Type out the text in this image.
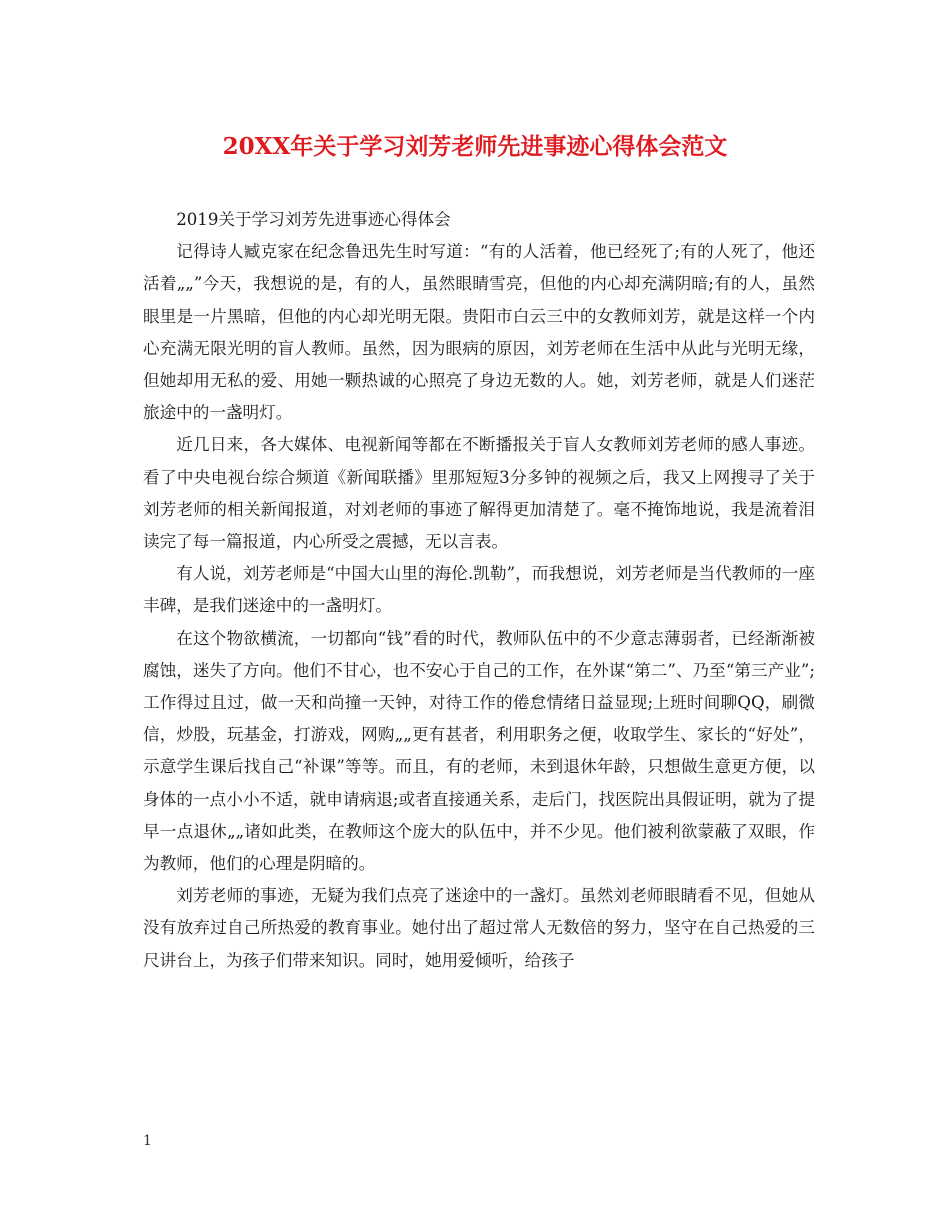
20XX年关于学习刘芳老师先进事迹心得体会范文

2019关于学习刘芳先进事迹心得体会

记得诗人臧克家在纪念鲁迅先生时写道：“有的人活着，他已经死了;有的人死了，他还活着„„”今天，我想说的是，有的人，虽然眼睛雪亮，但他的内心却充满阴暗;有的人，虽然眼里是一片黑暗，但他的内心却光明无限。贵阳市白云三中的女教师刘芳，就是这样一个内心充满无限光明的盲人教师。虽然，因为眼病的原因，刘芳老师在生活中从此与光明无缘，但她却用无私的爱、用她一颗热诚的心照亮了身边无数的人。她，刘芳老师，就是人们迷茫旅途中的一盏明灯。

近几日来，各大媒体、电视新闻等都在不断播报关于盲人女教师刘芳老师的感人事迹。看了中央电视台综合频道《新闻联播》里那短短3分多钟的视频之后，我又上网搜寻了关于刘芳老师的相关新闻报道，对刘老师的事迹了解得更加清楚了。毫不掩饰地说，我是流着泪读完了每一篇报道，内心所受之震撼，无以言表。

有人说，刘芳老师是“中国大山里的海伦.凯勒”，而我想说，刘芳老师是当代教师的一座丰碑，是我们迷途中的一盏明灯。

在这个物欲横流，一切都向“钱”看的时代，教师队伍中的不少意志薄弱者，已经渐渐被腐蚀，迷失了方向。他们不甘心，也不安心于自己的工作，在外谋“第二”、乃至“第三产业”;工作得过且过，做一天和尚撞一天钟，对待工作的倦怠情绪日益显现;上班时间聊QQ，刷微信，炒股，玩基金，打游戏，网购„„更有甚者，利用职务之便，收取学生、家长的“好处”，示意学生课后找自己“补课”等等。而且，有的老师，未到退休年龄，只想做生意更方便，以身体的一点小小不适，就申请病退;或者直接通关系，走后门，找医院出具假证明，就为了提早一点退休„„诸如此类，在教师这个庞大的队伍中，并不少见。他们被利欲蒙蔽了双眼，作为教师，他们的心理是阴暗的。

刘芳老师的事迹，无疑为我们点亮了迷途中的一盏灯。虽然刘老师眼睛看不见，但她从没有放弃过自己所热爱的教育事业。她付出了超过常人无数倍的努力，坚守在自己热爱的三尺讲台上，为孩子们带来知识。同时，她用爱倾听，给孩子

1
